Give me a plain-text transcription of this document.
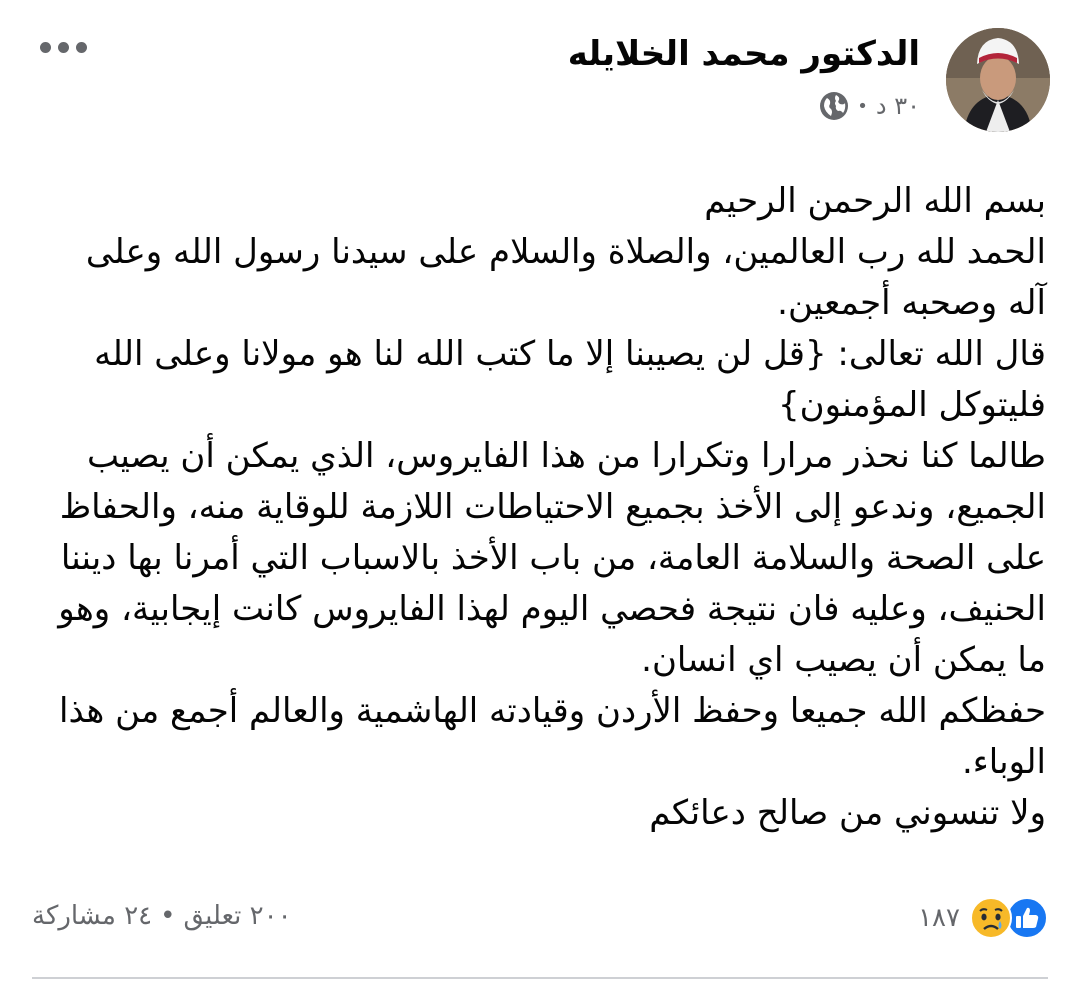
الدكتور محمد الخلايله
٣٠ د
•

بسم الله الرحمن الرحيم

الحمد لله رب العالمين، والصلاة والسلام على سيدنا رسول الله وعلى آله وصحبه أجمعين.

قال الله تعالى: {قل لن يصيبنا إلا ما كتب الله لنا هو مولانا وعلى الله فليتوكل المؤمنون}

طالما كنا نحذر مرارا وتكرارا من هذا الفايروس، الذي يمكن أن يصيب الجميع، وندعو إلى الأخذ بجميع الاحتياطات اللازمة للوقاية منه، والحفاظ على الصحة والسلامة العامة، من باب الأخذ بالاسباب التي أمرنا بها ديننا الحنيف، وعليه فان نتيجة فحصي اليوم لهذا الفايروس كانت إيجابية، وهو ما يمكن أن يصيب اي انسان.

حفظكم الله جميعا وحفظ الأردن وقيادته الهاشمية والعالم أجمع من هذا الوباء.

ولا تنسوني من صالح دعائكم

١٨٧
٢٠٠ تعليق
•
٢٤ مشاركة
